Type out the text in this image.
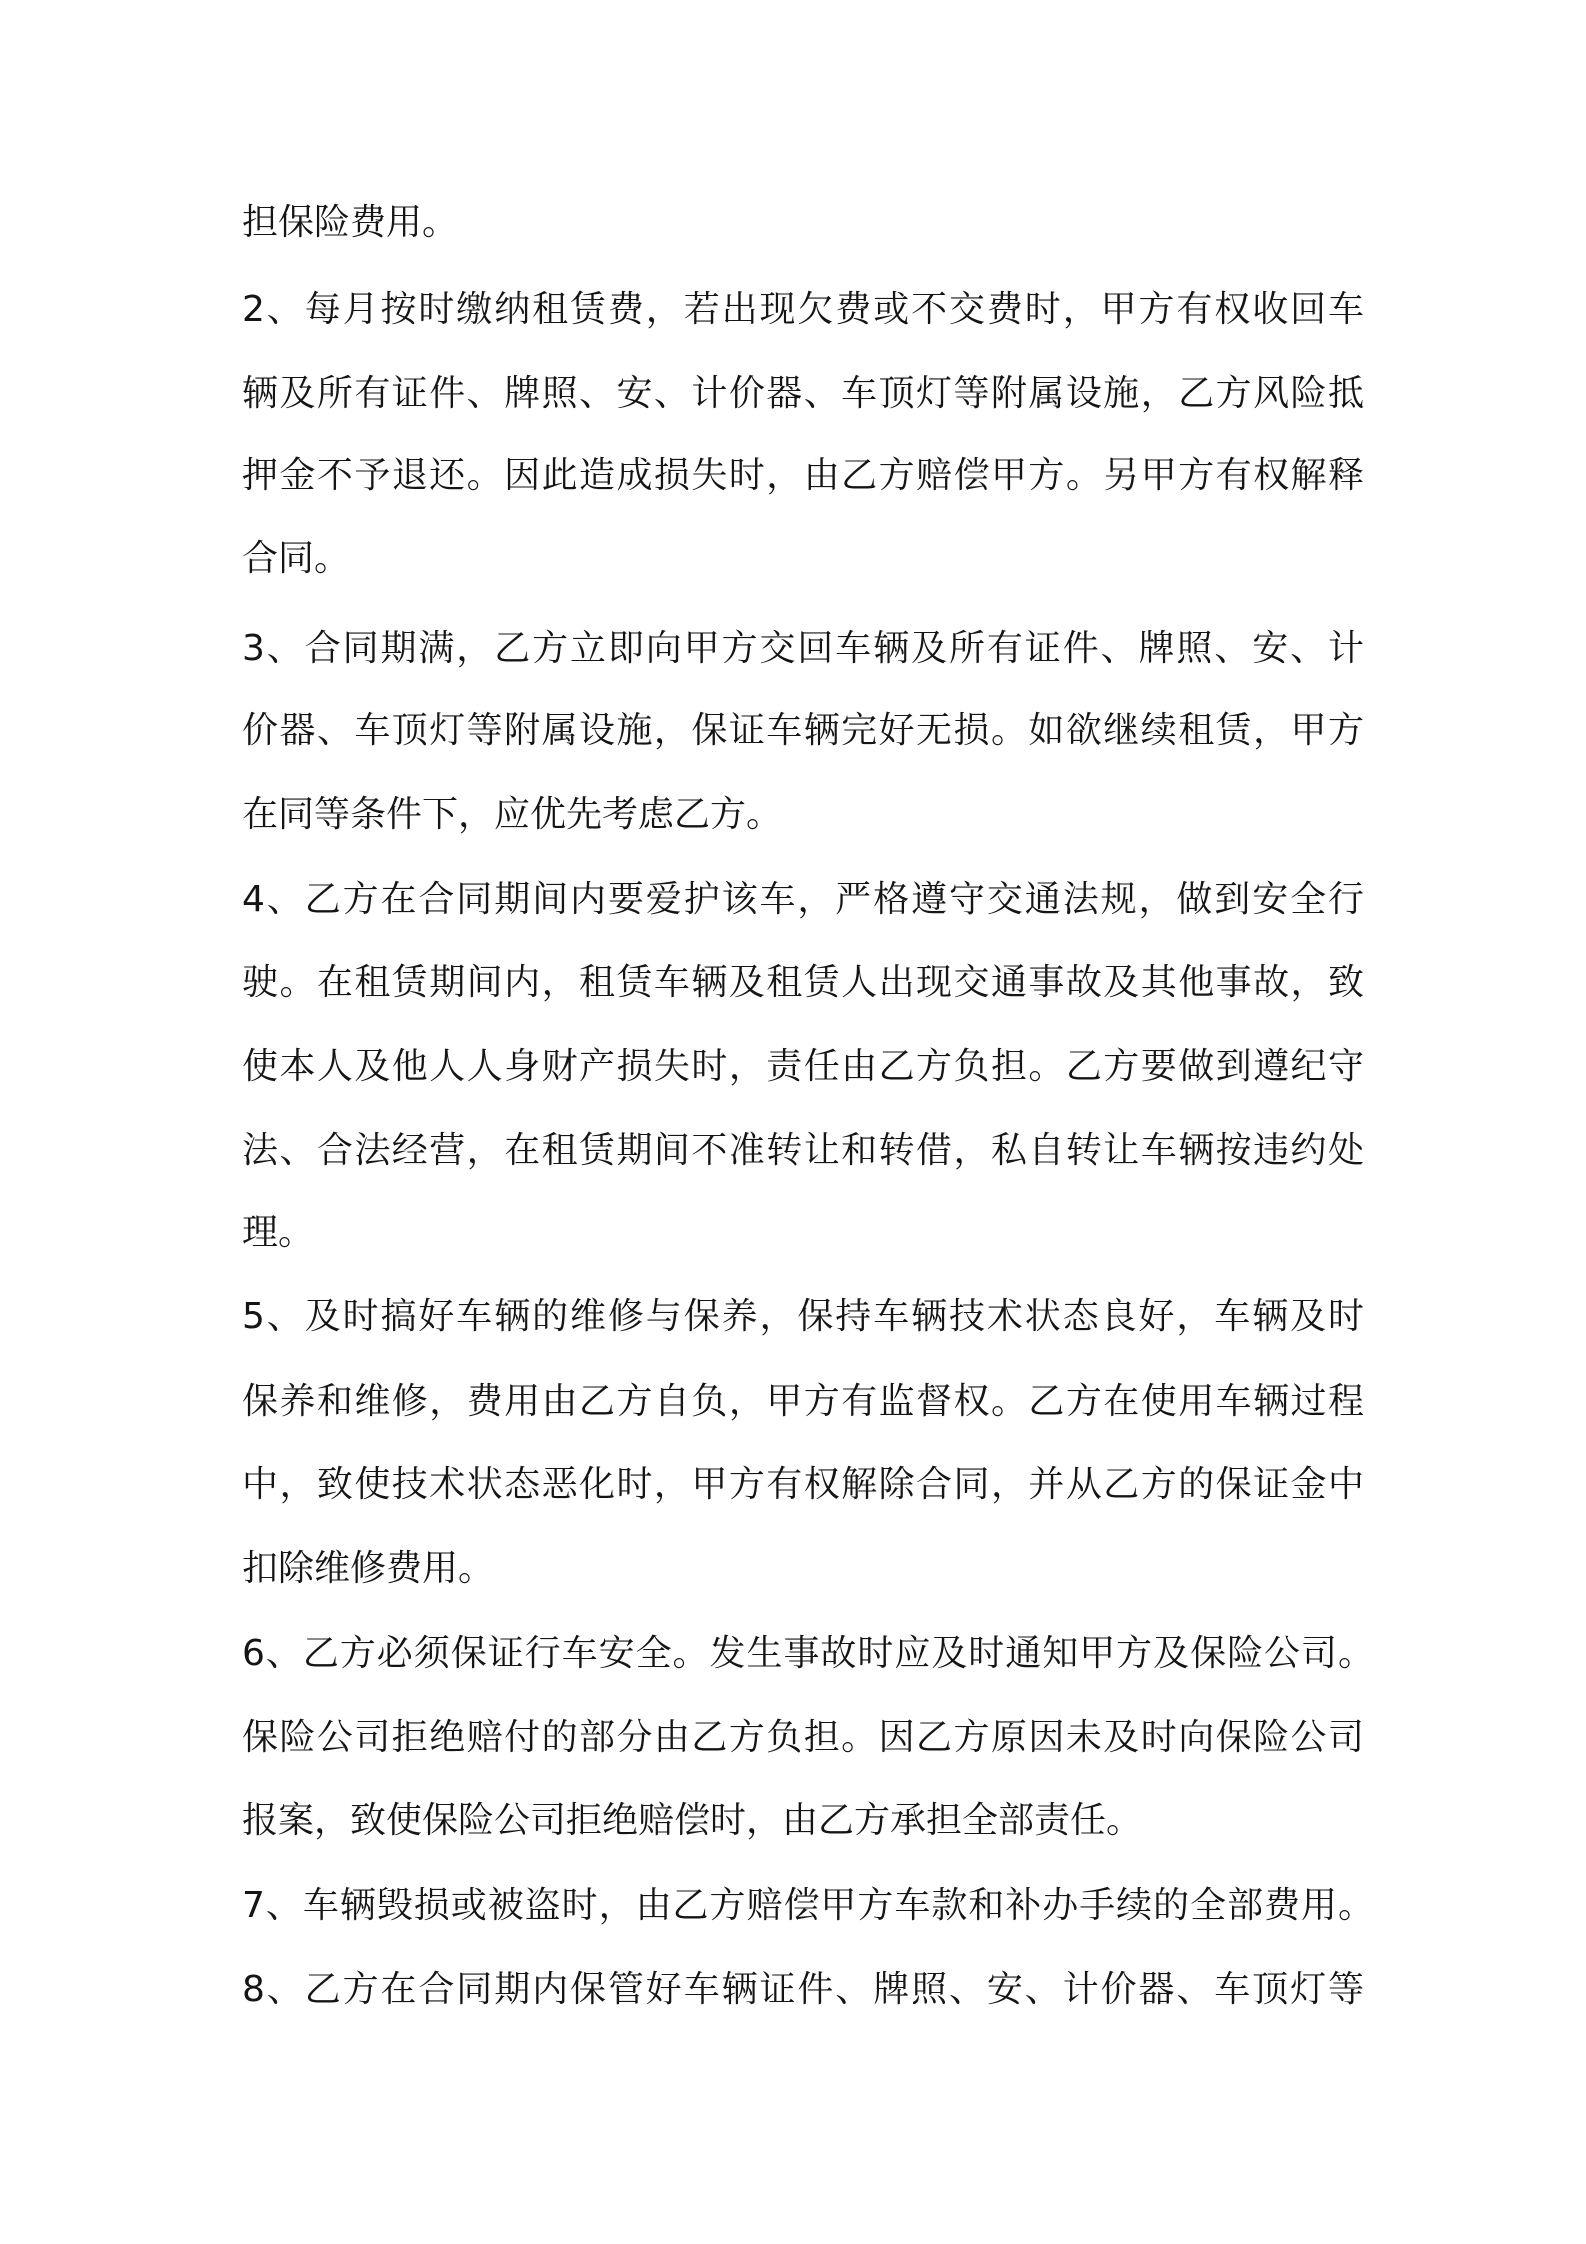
担保险费用。
2、每月按时缴纳租赁费，若出现欠费或不交费时，甲方有权收回车
辆及所有证件、牌照、安、计价器、车顶灯等附属设施，乙方风险抵
押金不予退还。因此造成损失时，由乙方赔偿甲方。另甲方有权解释
合同。
3、合同期满，乙方立即向甲方交回车辆及所有证件、牌照、安、计
价器、车顶灯等附属设施，保证车辆完好无损。如欲继续租赁，甲方
在同等条件下，应优先考虑乙方。
4、乙方在合同期间内要爱护该车，严格遵守交通法规，做到安全行
驶。在租赁期间内，租赁车辆及租赁人出现交通事故及其他事故，致
使本人及他人人身财产损失时，责任由乙方负担。乙方要做到遵纪守
法、合法经营，在租赁期间不准转让和转借，私自转让车辆按违约处
理。
5、及时搞好车辆的维修与保养，保持车辆技术状态良好，车辆及时
保养和维修，费用由乙方自负，甲方有监督权。乙方在使用车辆过程
中，致使技术状态恶化时，甲方有权解除合同，并从乙方的保证金中
扣除维修费用。
6、乙方必须保证行车安全。发生事故时应及时通知甲方及保险公司。
保险公司拒绝赔付的部分由乙方负担。因乙方原因未及时向保险公司
报案，致使保险公司拒绝赔偿时，由乙方承担全部责任。
7、车辆毁损或被盗时，由乙方赔偿甲方车款和补办手续的全部费用。
8、乙方在合同期内保管好车辆证件、牌照、安、计价器、车顶灯等
